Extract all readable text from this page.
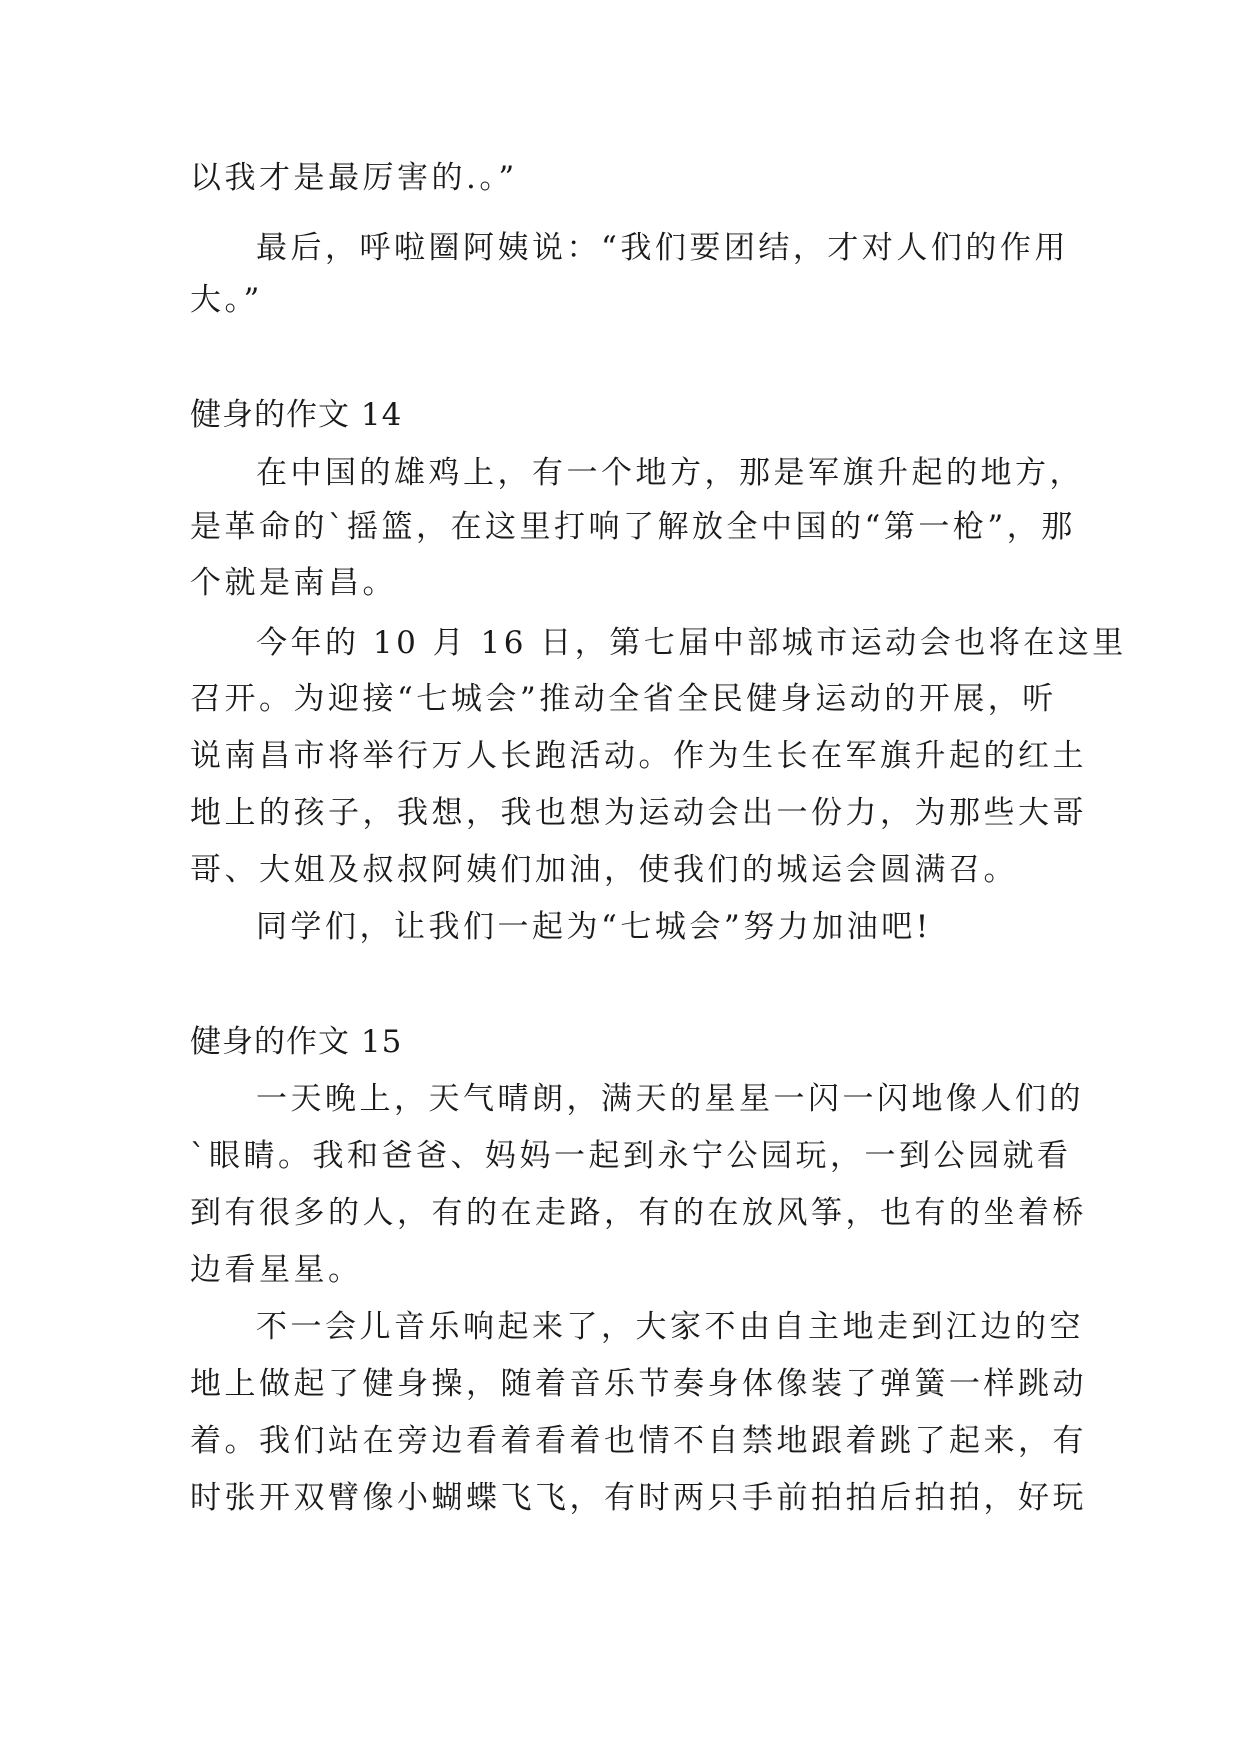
以我才是最厉害的.。”
最后，呼啦圈阿姨说：“我们要团结，才对人们的作用
大。”
健身的作文 14
在中国的雄鸡上，有一个地方，那是军旗升起的地方，
是革命的`摇篮，在这里打响了解放全中国的“第一枪”，那
个就是南昌。
今年的 10 月 16 日，第七届中部城市运动会也将在这里
召开。为迎接“七城会”推动全省全民健身运动的开展，听
说南昌市将举行万人长跑活动。作为生长在军旗升起的红土
地上的孩子，我想，我也想为运动会出一份力，为那些大哥
哥、大姐及叔叔阿姨们加油，使我们的城运会圆满召。
同学们，让我们一起为“七城会”努力加油吧!
健身的作文 15
一天晚上，天气晴朗，满天的星星一闪一闪地像人们的
`眼睛。我和爸爸、妈妈一起到永宁公园玩，一到公园就看
到有很多的人，有的在走路，有的在放风筝，也有的坐着桥
边看星星。
不一会儿音乐响起来了，大家不由自主地走到江边的空
地上做起了健身操，随着音乐节奏身体像装了弹簧一样跳动
着。我们站在旁边看着看着也情不自禁地跟着跳了起来，有
时张开双臂像小蝴蝶飞飞，有时两只手前拍拍后拍拍，好玩
